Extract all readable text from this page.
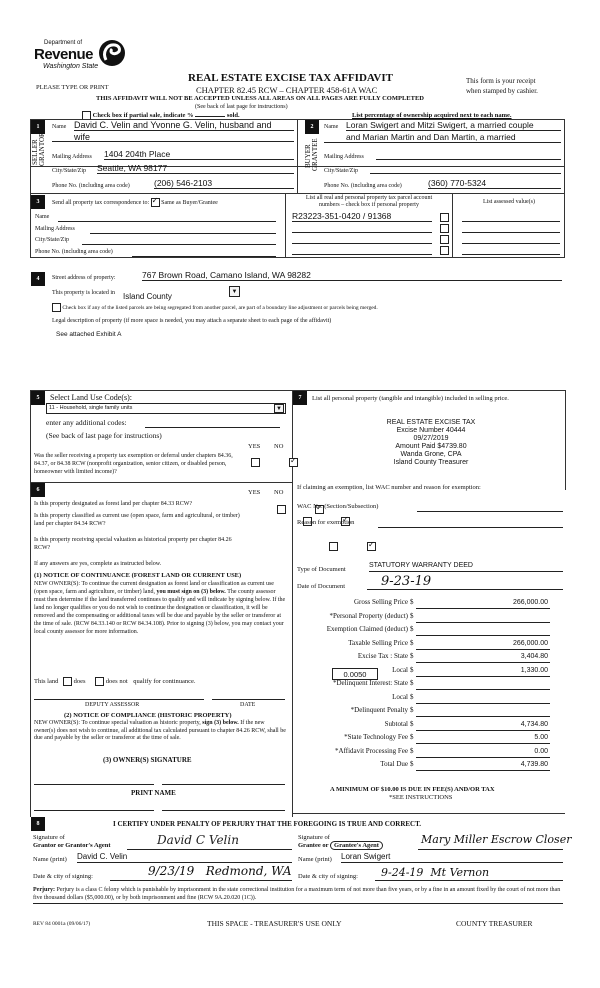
Department of
Revenue
Washington State
PLEASE TYPE OR PRINT
REAL ESTATE EXCISE TAX AFFIDAVIT
CHAPTER 82.45 RCW – CHAPTER 458-61A WAC
This form is your receipt
when stamped by cashier.
THIS AFFIDAVIT WILL NOT BE ACCEPTED UNLESS ALL AREAS ON ALL PAGES ARE FULLY COMPLETED
(See back of last page for instructions)
Check box if partial sale, indicate %	sold.	List percentage of ownership acquired next to each name.
1
SELLER
GRANTOR
Name David C. Velin and Yvonne G. Velin, husband and
wife
Mailing Address 1404 204th Place
City/State/Zip Seattle, WA 98177
Phone No. (including area code)	(206) 546-2103
2
BUYER
GRANTEE
Name Loran Swigert and Mitzi Swigert, a married couple
and Marian Martin and Dan Martin, a married
Mailing Address
City/State/Zip
Phone No. (including area code)	(360) 770-5324
3	Send all property tax correspondence to: ✓ Same as Buyer/Grantee
Name
Mailing Address
City/State/Zip
Phone No. (including area code)
List all real and personal property tax parcel account
numbers – check box if personal property	List assessed value(s)
R23223-351-0420 / 91368
4	Street address of property:	767 Brown Road, Camano Island, WA 98282
This property is located in Island County
▼
Check box if any of the listed parcels are being segregated from another parcel, are part of a boundary line adjustment or parcels being merged.
Legal description of property (if more space is needed, you may attach a separate sheet to each page of the affidavit)
See attached Exhibit A
5	Select Land Use Code(s):
11 - Household, single family units	▼
enter any additional codes:
(See back of last page for instructions)
YES NO
Was the seller receiving a property tax exemption or deferral under chapters 84.36, 84.37, or 84.38 RCW (nonprofit organization, senior citizen, or disabled person, homeowner with limited income)?
✓
6	YES NO
Is this property designated as forest land per chapter 84.33 RCW?
✓
Is this property classified as current use (open space, farm and agricultural, or timber) land per chapter 84.34 RCW?
✓
Is this property receiving special valuation as historical property per chapter 84.26 RCW?
✓
If any answers are yes, complete as instructed below.
(1) NOTICE OF CONTINUANCE (FOREST LAND OR CURRENT USE)
NEW OWNER(S): To continue the current designation as forest land or classification as current use (open space, farm and agriculture, or timber) land, you must sign on (3) below. The county assessor must then determine if the land transferred continues to qualify and will indicate by signing below. If the land no longer qualifies or you do not wish to continue the designation or classification, it will be removed and the compensating or additional taxes will be due and payable by the seller or transferor at the time of sale. (RCW 84.33.140 or RCW 84.34.108). Prior to signing (3) below, you may contact your local county assessor for more information.
This land does	does not qualify for continuance.
DEPUTY ASSESSOR	DATE
(2) NOTICE OF COMPLIANCE (HISTORIC PROPERTY)
NEW OWNER(S): To continue special valuation as historic property, sign (3) below. If the new owner(s) does not wish to continue, all additional tax calculated pursuant to chapter 84.26 RCW, shall be due and payable by the seller or transferor at the time of sale.
(3) OWNER(S) SIGNATURE
PRINT NAME
7	List all personal property (tangible and intangible) included in selling price.
REAL ESTATE EXCISE TAX
Excise Number 40444
09/27/2019
Amount Paid $4739.80
Wanda Grone, CPA
Island County Treasurer
If claiming an exemption, list WAC number and reason for exemption:
WAC No. (Section/Subsection)
Reason for exemption
Type of Document
STATUTORY WARRANTY DEED
Date of Document	9-23-19
Gross Selling Price $	266,000.00
*Personal Property (deduct) $
Exemption Claimed (deduct) $
Taxable Selling Price $	266,000.00
Excise Tax : State $	3,404.80
Local $	1,330.00
*Delinquent Interest: State $
Local $
*Delinquent Penalty $
Subtotal $	4,734.80
*State Technology Fee $	5.00
*Affidavit Processing Fee $	0.00
Total Due $	4,739.80
0.0050
A MINIMUM OF $10.00 IS DUE IN FEE(S) AND/OR TAX
*SEE INSTRUCTIONS
8	I CERTIFY UNDER PENALTY OF PERJURY THAT THE FOREGOING IS TRUE AND CORRECT.
Signature of
Grantor or Grantor's Agent	David C Velin
Name (print) David C. Velin
Date & city of signing:	9/23/19   Redmond, WA
Signature of
Grantee or Grantee's Agent	Mary Miller Escrow Closer
Name (print) Loran Swigert
Date & city of signing:	9-24-19  Mt Vernon
Perjury: Perjury is a class C felony which is punishable by imprisonment in the state correctional institution for a maximum term of not more than five years, or by a fine in an amount fixed by the court of not more than five thousand dollars ($5,000.00), or by both imprisonment and fine (RCW 9A.20.020 (1C)).
REV 84 0001a (09/06/17)	THIS SPACE - TREASURER'S USE ONLY	COUNTY TREASURER
